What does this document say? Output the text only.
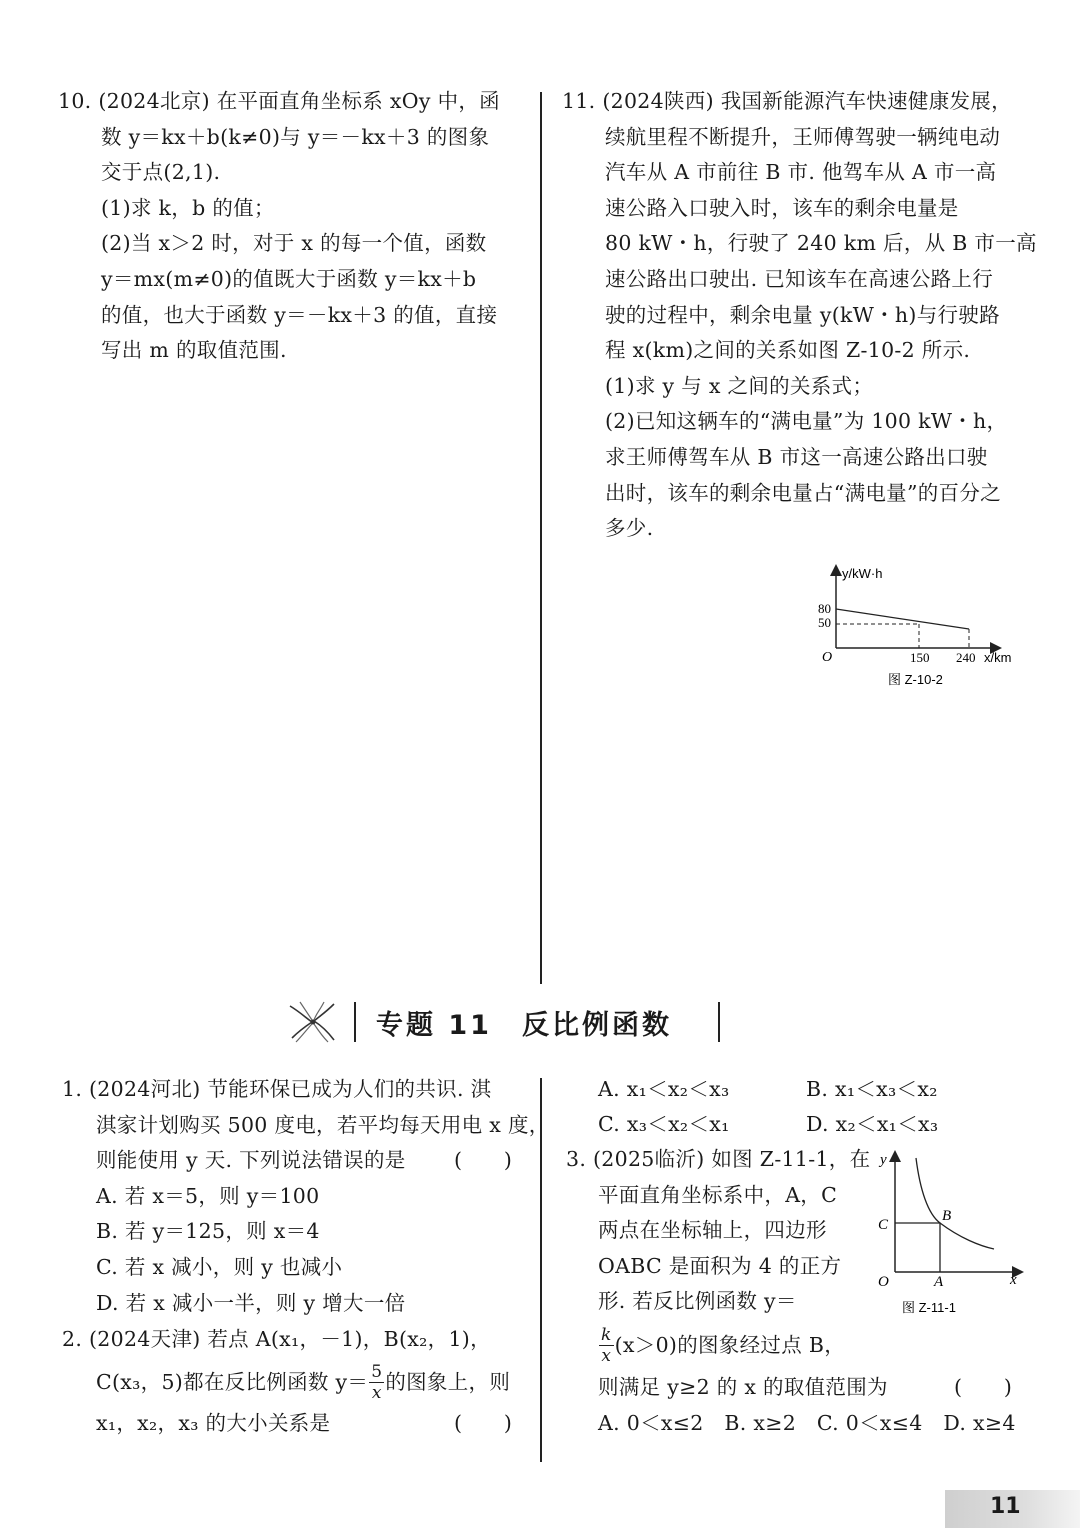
10. (2024北京) 在平面直角坐标系 xOy 中，函
数 y＝kx＋b(k≠0)与 y＝－kx＋3 的图象
交于点(2,1).
(1)求 k，b 的值；
(2)当 x＞2 时，对于 x 的每一个值，函数
y＝mx(m≠0)的值既大于函数 y＝kx＋b
的值，也大于函数 y＝－kx＋3 的值，直接
写出 m 的取值范围.
11. (2024陕西) 我国新能源汽车快速健康发展，
续航里程不断提升，王师傅驾驶一辆纯电动
汽车从 A 市前往 B 市. 他驾车从 A 市一高
速公路入口驶入时，该车的剩余电量是
80 kW・h，行驶了 240 km 后，从 B 市一高
速公路出口驶出. 已知该车在高速公路上行
驶的过程中，剩余电量 y(kW・h)与行驶路
程 x(km)之间的关系如图 Z-10-2 所示.
(1)求 y 与 x 之间的关系式；
(2)已知这辆车的“满电量”为 100 kW・h，
求王师傅驾车从 B 市这一高速公路出口驶
出时，该车的剩余电量占“满电量”的百分之
多少.
y/kW·h
80
50
O	150 240 x/km
图 Z-10-2
专题 11　反比例函数
1. (2024河北) 节能环保已成为人们的共识. 淇
淇家计划购买 500 度电，若平均每天用电 x 度，
则能使用 y 天. 下列说法错误的是 (　　)
A. 若 x＝5，则 y＝100
B. 若 y＝125，则 x＝4
C. 若 x 减小，则 y 也减小
D. 若 x 减小一半，则 y 增大一倍
2. (2024天津) 若点 A(x₁，－1)，B(x₂，1)，
C(x₃，5)都在反比例函数 $y= \frac{5}{x}$ 的图象上，则
x₁，x₂，x₃ 的大小关系是	(　　)
A. x₁＜x₂＜x₃	B. x₁＜x₃＜x₂
C. x₃＜x₂＜x₁	D. x₂＜x₁＜x₃
3. (2025临沂) 如图 Z-11-1，在
平面直角坐标系中，A，C
两点在坐标轴上，四边形
OABC 是面积为 4 的正方
形. 若反比例函数 y＝
$\frac{k}{x} (x>0)$的图象经过点 B，
则满足 y≥2 的 x 的取值范围为	(　　)
A. 0＜x≤2　B. x≥2　C. 0＜x≤4　D. x≥4
y
C
B
O	A	x
图 Z-11-1
11
